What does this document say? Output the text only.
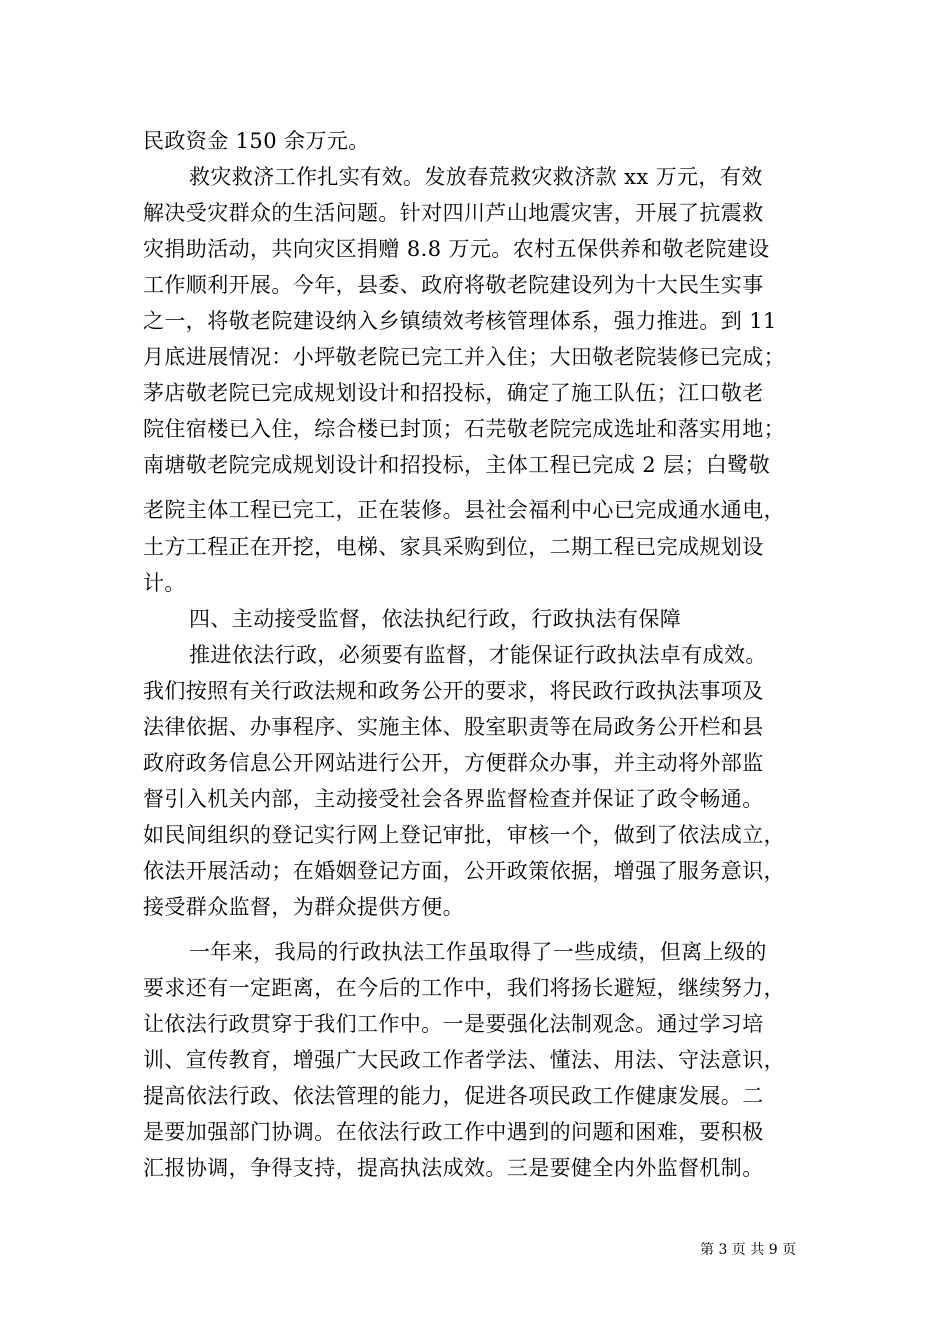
民政资金 150 余万元。
救灾救济工作扎实有效。发放春荒救灾救济款 xx 万元，有效
解决受灾群众的生活问题。针对四川芦山地震灾害，开展了抗震救
灾捐助活动，共向灾区捐赠 8.8 万元。农村五保供养和敬老院建设
工作顺利开展。今年，县委、政府将敬老院建设列为十大民生实事
之一，将敬老院建设纳入乡镇绩效考核管理体系，强力推进。到 11
月底进展情况：小坪敬老院已完工并入住；大田敬老院装修已完成；
茅店敬老院已完成规划设计和招投标，确定了施工队伍；江口敬老
院住宿楼已入住，综合楼已封顶；石芫敬老院完成选址和落实用地；
南塘敬老院完成规划设计和招投标，主体工程已完成 2 层；白鹭敬
老院主体工程已完工，正在装修。县社会福利中心已完成通水通电，
土方工程正在开挖，电梯、家具采购到位，二期工程已完成规划设
计。
四、主动接受监督，依法执纪行政，行政执法有保障
推进依法行政，必须要有监督，才能保证行政执法卓有成效。
我们按照有关行政法规和政务公开的要求，将民政行政执法事项及
法律依据、办事程序、实施主体、股室职责等在局政务公开栏和县
政府政务信息公开网站进行公开，方便群众办事，并主动将外部监
督引入机关内部，主动接受社会各界监督检查并保证了政令畅通。
如民间组织的登记实行网上登记审批，审核一个，做到了依法成立，
依法开展活动；在婚姻登记方面，公开政策依据，增强了服务意识，
接受群众监督，为群众提供方便。
一年来，我局的行政执法工作虽取得了一些成绩，但离上级的
要求还有一定距离，在今后的工作中，我们将扬长避短，继续努力，
让依法行政贯穿于我们工作中。一是要强化法制观念。通过学习培
训、宣传教育，增强广大民政工作者学法、懂法、用法、守法意识，
提高依法行政、依法管理的能力，促进各项民政工作健康发展。二
是要加强部门协调。在依法行政工作中遇到的问题和困难，要积极
汇报协调，争得支持，提高执法成效。三是要健全内外监督机制。
第 3 页 共 9 页
